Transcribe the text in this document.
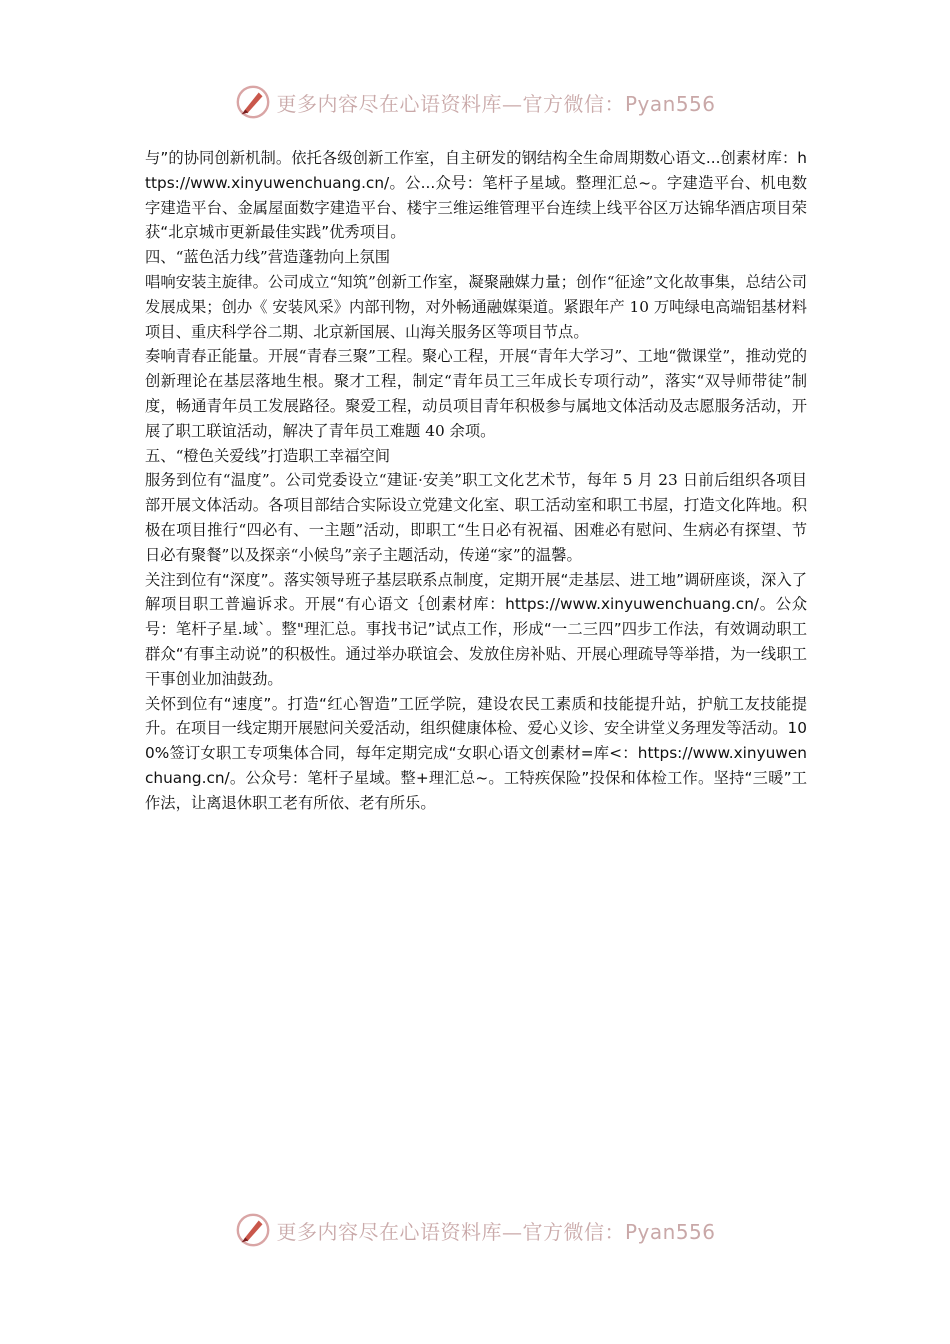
更多内容尽在心语资料库—官方微信：Pyan556

与”的协同创新机制。依托各级创新工作室，自主研发的钢结构全生命周期数心语文...创素材库：https://www.xinyuwenchuang.cn/。公...众号：笔杆子星域。整理汇总~。字建造平台、机电数字建造平台、金属屋面数字建造平台、楼宇三维运维管理平台连续上线平谷区万达锦华酒店项目荣获“北京城市更新最佳实践”优秀项目。

四、“蓝色活力线”营造蓬勃向上氛围

唱响安装主旋律。公司成立“知筑”创新工作室，凝聚融媒力量；创作“征途”文化故事集，总结公司发展成果；创办《 安装风采》内部刊物，对外畅通融媒渠道。紧跟年产 10 万吨绿电高端铝基材料项目、重庆科学谷二期、北京新国展、山海关服务区等项目节点。

奏响青春正能量。开展“青春三聚”工程。聚心工程，开展“青年大学习”、工地“微课堂”，推动党的创新理论在基层落地生根。聚才工程，制定“青年员工三年成长专项行动”，落实“双导师带徒”制度，畅通青年员工发展路径。聚爱工程，动员项目青年积极参与属地文体活动及志愿服务活动，开展了职工联谊活动，解决了青年员工难题 40 余项。

五、“橙色关爱线”打造职工幸福空间

服务到位有“温度”。公司党委设立“建证·安美”职工文化艺术节，每年 5 月 23 日前后组织各项目部开展文体活动。各项目部结合实际设立党建文化室、职工活动室和职工书屋，打造文化阵地。积极在项目推行“四必有、一主题”活动，即职工“生日必有祝福、困难必有慰问、生病必有探望、节日必有聚餐”以及探亲“小候鸟”亲子主题活动，传递“家”的温馨。

关注到位有“深度”。落实领导班子基层联系点制度，定期开展“走基层、进工地”调研座谈，深入了解项目职工普遍诉求。开展“有心语文｛创素材库：https://www.xinyuwenchuang.cn/。公众号：笔杆子星.域`。整"理汇总。事找书记”试点工作，形成“一二三四”四步工作法，有效调动职工群众“有事主动说”的积极性。通过举办联谊会、发放住房补贴、开展心理疏导等举措，为一线职工干事创业加油鼓劲。

关怀到位有“速度”。打造“红心智造”工匠学院，建设农民工素质和技能提升站，护航工友技能提升。在项目一线定期开展慰问关爱活动，组织健康体检、爱心义诊、安全讲堂义务理发等活动。100%签订女职工专项集体合同，每年定期完成“女职心语文创素材=库<：https://www.xinyuwenchuang.cn/。公众号：笔杆子星域。整+理汇总~。工特疾保险”投保和体检工作。坚持“三暖”工作法，让离退休职工老有所依、老有所乐。

更多内容尽在心语资料库—官方微信：Pyan556
